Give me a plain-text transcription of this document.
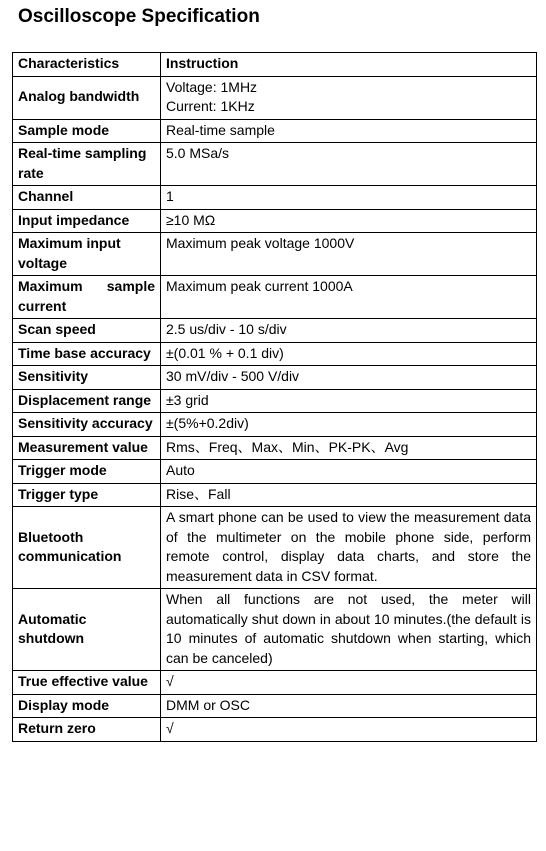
Oscilloscope Specification
Characteristics	Instruction
Analog bandwidth	Voltage: 1MHz
Current: 1KHz

Sample mode	Real-time sample
Real-time sampling rate	5.0 MSa/s
Channel	1
Input impedance	≥10 MΩ
Maximum input voltage	Maximum peak voltage 1000V
Maximum sample current	Maximum peak current 1000A
Scan speed	2.5 us/div - 10 s/div
Time base accuracy	±(0.01 % + 0.1 div)
Sensitivity	30 mV/div - 500 V/div
Displacement range	±3 grid
Sensitivity accuracy	±(5%+0.2div)
Measurement value	Rms、Freq、Max、Min、PK-PK、Avg
Trigger mode	Auto
Trigger type	Rise、Fall
Bluetooth communication	A smart phone can be used to view the measurement data of the multimeter on the mobile phone side, perform remote control, display data charts, and store the measurement data in CSV format.
Automatic shutdown	When all functions are not used, the meter will automatically shut down in about 10 minutes.(the default is 10 minutes of automatic shutdown when starting, which can be canceled)
True effective value	√
Display mode	DMM or OSC
Return zero	√
